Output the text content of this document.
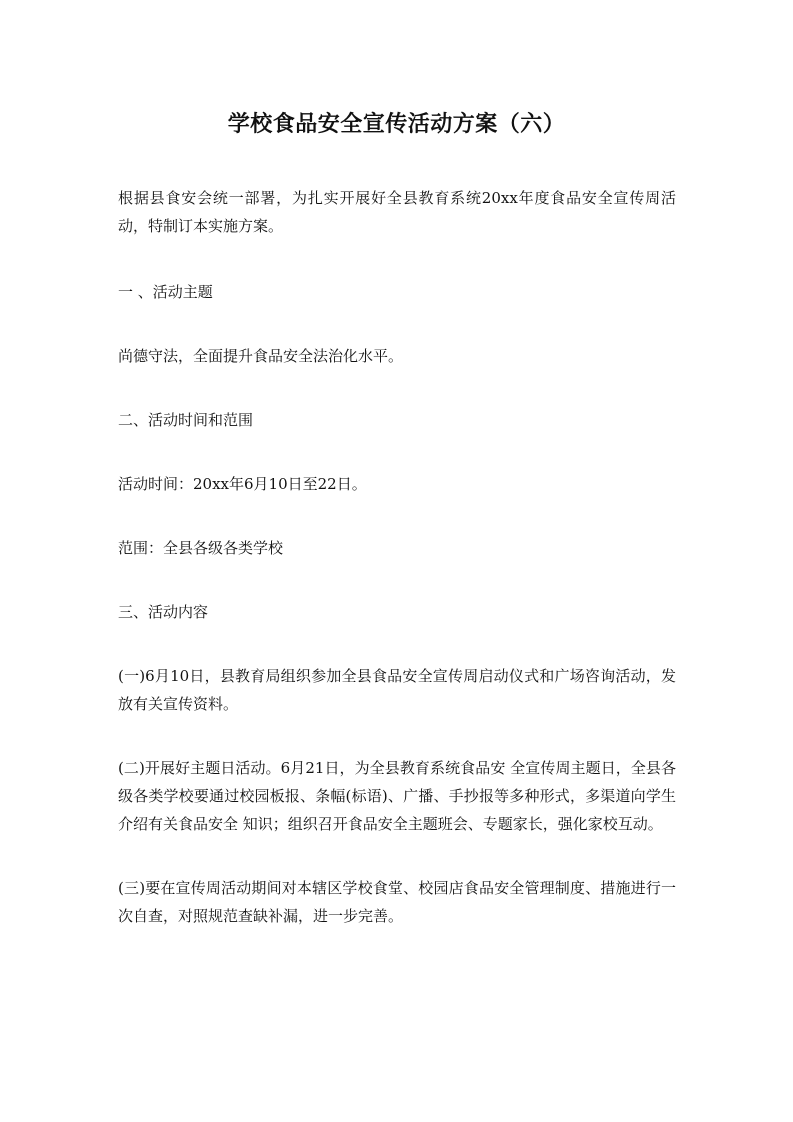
学校食品安全宣传活动方案（六）

根据县食安会统一部署，为扎实开展好全县教育系统20xx年度食品安全宣传周活动，特制订本实施方案。

一 、活动主题

尚德守法，全面提升食品安全法治化水平。

二、活动时间和范围

活动时间：20xx年6月10日至22日。

范围：全县各级各类学校

三、活动内容

(一)6月10日，县教育局组织参加全县食品安全宣传周启动仪式和广场咨询活动，发放有关宣传资料。

(二)开展好主题日活动。6月21日，为全县教育系统食品安 全宣传周主题日，全县各级各类学校要通过校园板报、条幅(标语)、广播、手抄报等多种形式，多渠道向学生介绍有关食品安全 知识；组织召开食品安全主题班会、专题家长，强化家校互动。

(三)要在宣传周活动期间对本辖区学校食堂、校园店食品安全管理制度、措施进行一次自查，对照规范查缺补漏，进一步完善。
